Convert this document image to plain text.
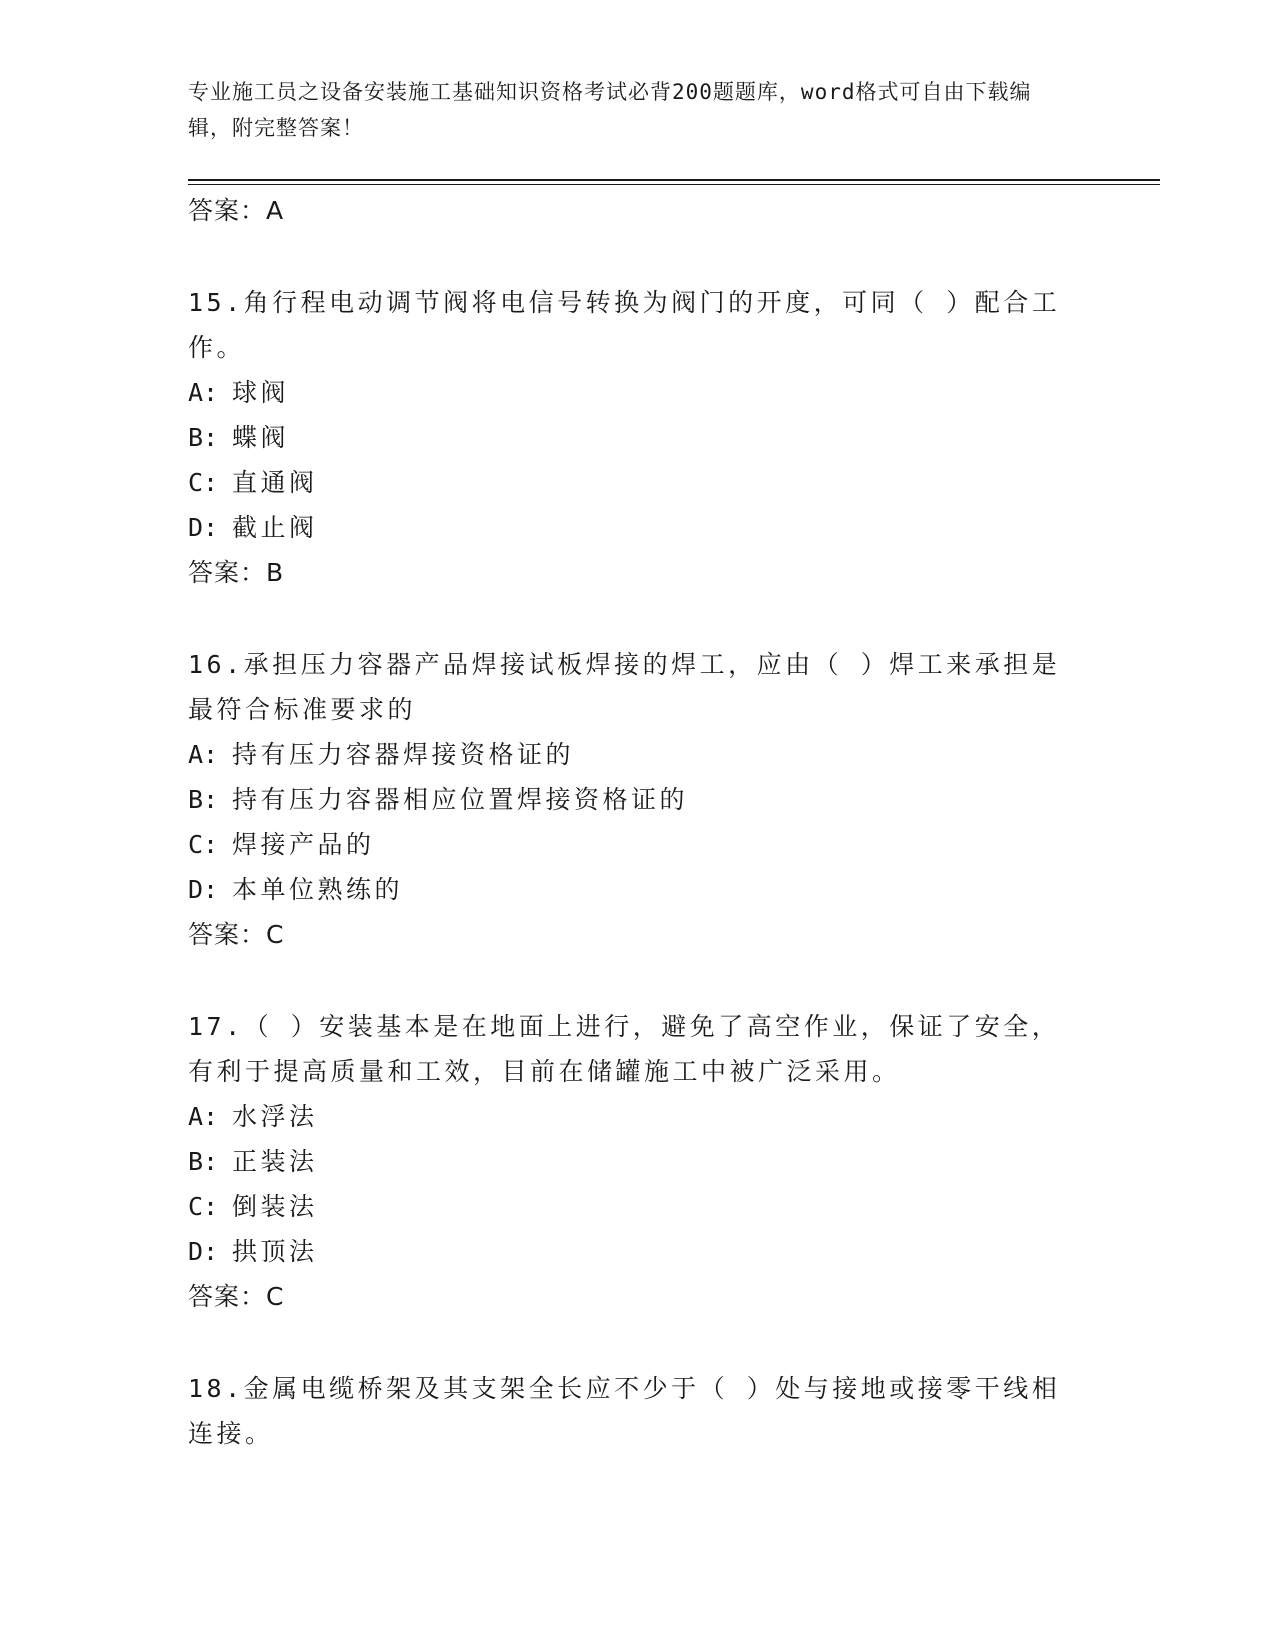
专业施工员之设备安装施工基础知识资格考试必背200题题库，word格式可自由下载编辑，附完整答案！
答案：A
15.角行程电动调节阀将电信号转换为阀门的开度，可同（ ）配合工作。
A: 球阀
B: 蝶阀
C: 直通阀
D: 截止阀
答案：B
16.承担压力容器产品焊接试板焊接的焊工，应由（ ）焊工来承担是最符合标准要求的
A: 持有压力容器焊接资格证的
B: 持有压力容器相应位置焊接资格证的
C: 焊接产品的
D: 本单位熟练的
答案：C
17.（ ）安装基本是在地面上进行，避免了高空作业，保证了安全，有利于提高质量和工效，目前在储罐施工中被广泛采用。
A: 水浮法
B: 正装法
C: 倒装法
D: 拱顶法
答案：C
18.金属电缆桥架及其支架全长应不少于（ ）处与接地或接零干线相连接。
